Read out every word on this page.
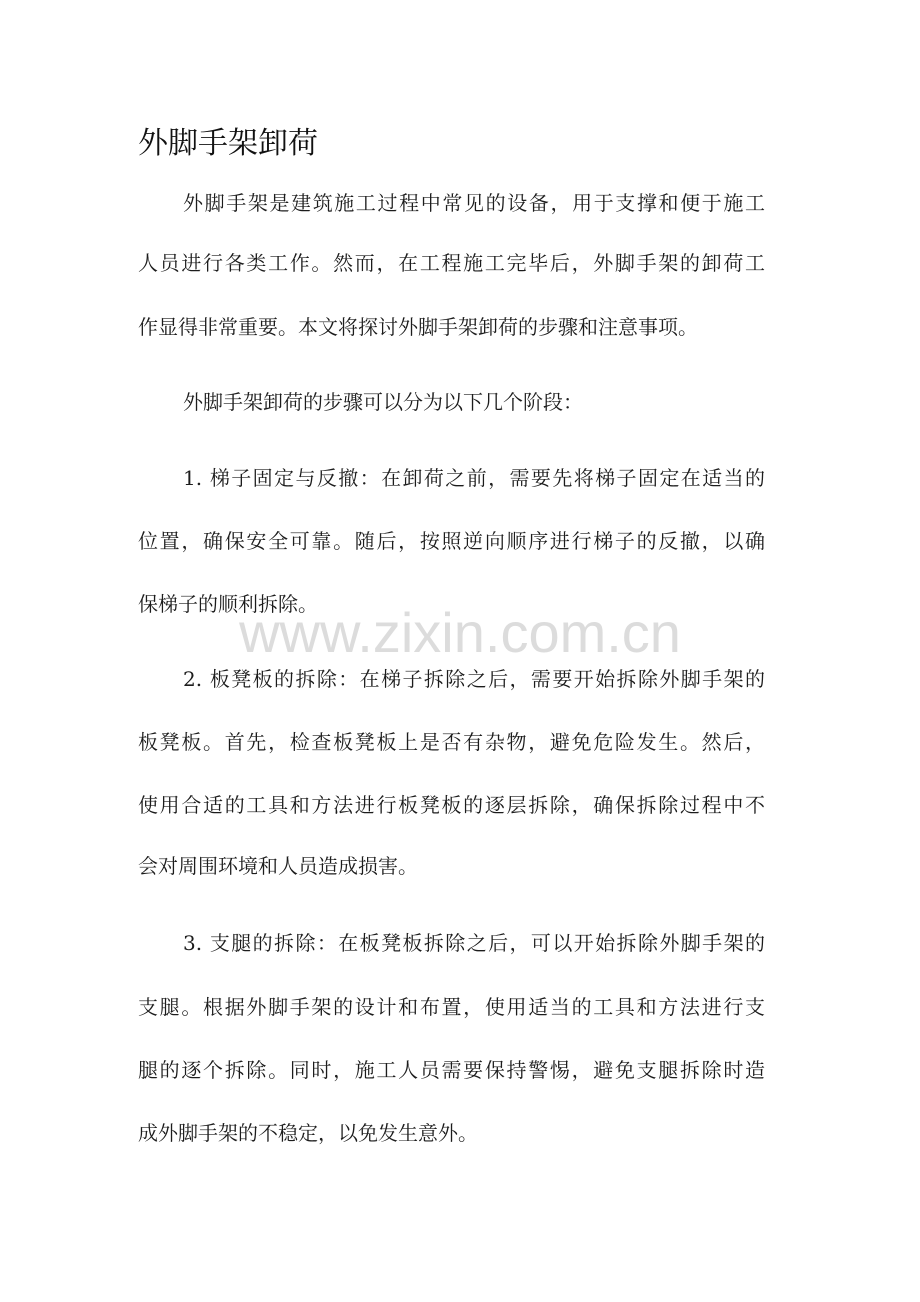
www.zixin.com.cn
外脚手架卸荷
外脚手架是建筑施工过程中常见的设备，用于支撑和便于施工
人员进行各类工作。然而，在工程施工完毕后，外脚手架的卸荷工
作显得非常重要。本文将探讨外脚手架卸荷的步骤和注意事项。
外脚手架卸荷的步骤可以分为以下几个阶段：
1. 梯子固定与反撤：在卸荷之前，需要先将梯子固定在适当的
位置，确保安全可靠。随后，按照逆向顺序进行梯子的反撤，以确
保梯子的顺利拆除。
2. 板凳板的拆除：在梯子拆除之后，需要开始拆除外脚手架的
板凳板。首先，检查板凳板上是否有杂物，避免危险发生。然后，
使用合适的工具和方法进行板凳板的逐层拆除，确保拆除过程中不
会对周围环境和人员造成损害。
3. 支腿的拆除：在板凳板拆除之后，可以开始拆除外脚手架的
支腿。根据外脚手架的设计和布置，使用适当的工具和方法进行支
腿的逐个拆除。同时，施工人员需要保持警惕，避免支腿拆除时造
成外脚手架的不稳定，以免发生意外。
